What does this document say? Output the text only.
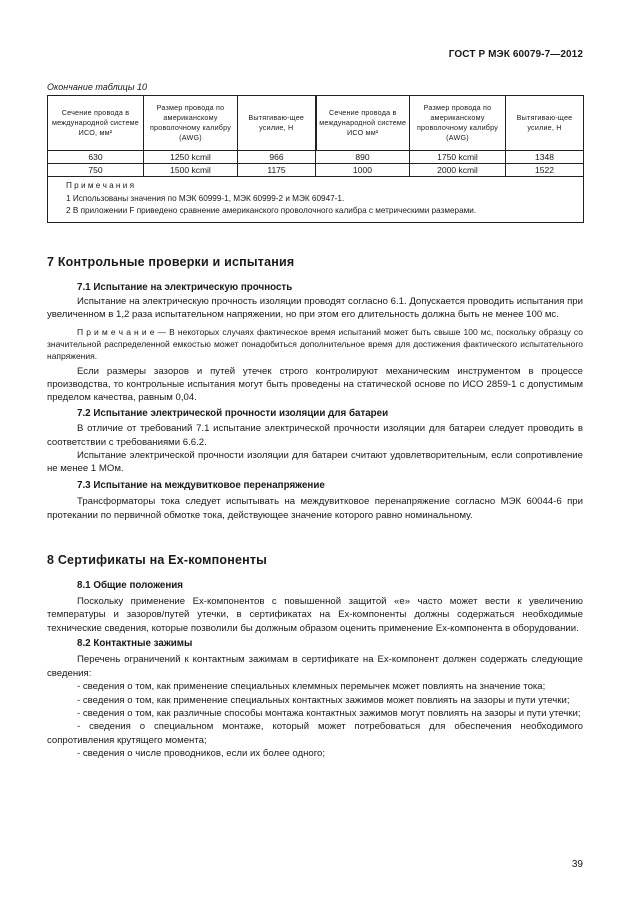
ГОСТ Р МЭК 60079-7—2012
Окончание таблицы 10
Сечение провода в международной системе ИСО, мм²	Размер провода по американскому проволочному калибру (AWG)	Вытягиваю-щее усилие, Н	Сечение провода в международной системе ИСО мм²	Размер провода по американскому проволочному калибру (AWG)	Вытягиваю-щее усилие, Н
630	1250 kcmil	966	890	1750 kcmil	1348
750	1500 kcmil	1175	1000	2000 kcmil	1522

П р и м е ч а н и я
1 Использованы значения по МЭК 60999-1, МЭК 60999-2 и МЭК 60947-1.
2 В приложении F приведено сравнение американского проволочного калибра с метрическими размерами.					
7 Контрольные проверки и испытания
7.1 Испытание на электрическую прочность

Испытание на электрическую прочность изоляции проводят согласно 6.1. Допускается проводить испытания при увеличенном в 1,2 раза испытательном напряжении, но при этом его длительность должна быть не менее 100 мс.

П р и м е ч а н и е — В некоторых случаях фактическое время испытаний может быть свыше 100 мс, поскольку образцу со значительной распределенной емкостью может понадобиться дополнительное время для достижения фактического испытательного напряжения.

Если размеры зазоров и путей утечек строго контролируют механическим инструментом в процессе производства, то контрольные испытания могут быть проведены на статической основе по ИСО 2859-1 с допустимым пределом качества, равным 0,04.

7.2 Испытание электрической прочности изоляции для батареи

В отличие от требований 7.1 испытание электрической прочности изоляции для батареи следует проводить в соответствии с требованиями 6.6.2.

Испытание электрической прочности изоляции для батареи считают удовлетворительным, если сопротивление не менее 1 МОм.

7.3 Испытание на междувитковое перенапряжение

Трансформаторы тока следует испытывать на междувитковое перенапряжение согласно МЭК 60044-6 при протекании по первичной обмотке тока, действующее значение которого равно номинальному.

8 Сертификаты на Ех-компоненты
8.1 Общие положения

Поскольку применение Ех-компонентов с повышенной защитой «е» часто может вести к увеличению температуры и зазоров/путей утечки, в сертификатах на Ех-компоненты должны содержаться необходимые технические сведения, которые позволили бы должным образом оценить применение Ех-компонента в оборудовании.

8.2 Контактные зажимы

Перечень ограничений к контактным зажимам в сертификате на Ех-компонент должен содержать следующие сведения:

- сведения о том, как применение специальных клеммных перемычек может повлиять на значение тока;

- сведения о том, как применение специальных контактных зажимов может повлиять на зазоры и пути утечки;

- сведения о том, как различные способы монтажа контактных зажимов могут повлиять на зазоры и пути утечки;

- сведения о специальном монтаже, который может потребоваться для обеспечения необходимого сопротивления крутящего момента;

- сведения о числе проводников, если их более одного;

39
